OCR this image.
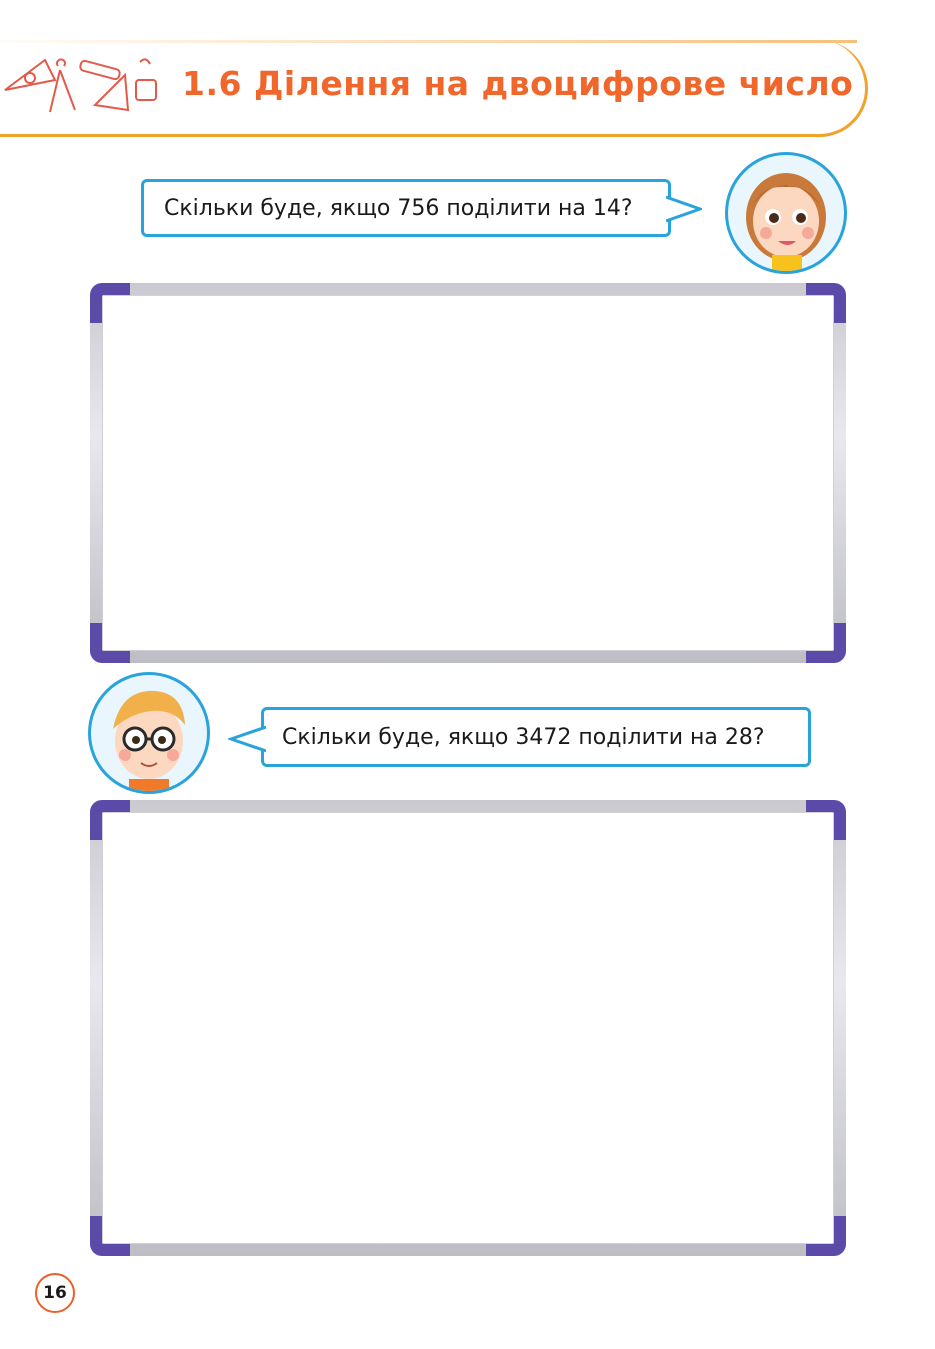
1.6 Ділення на двоцифрове число
Скільки буде, якщо 756 поділити на 14?
Скільки буде, якщо 3472 поділити на 28?
16
